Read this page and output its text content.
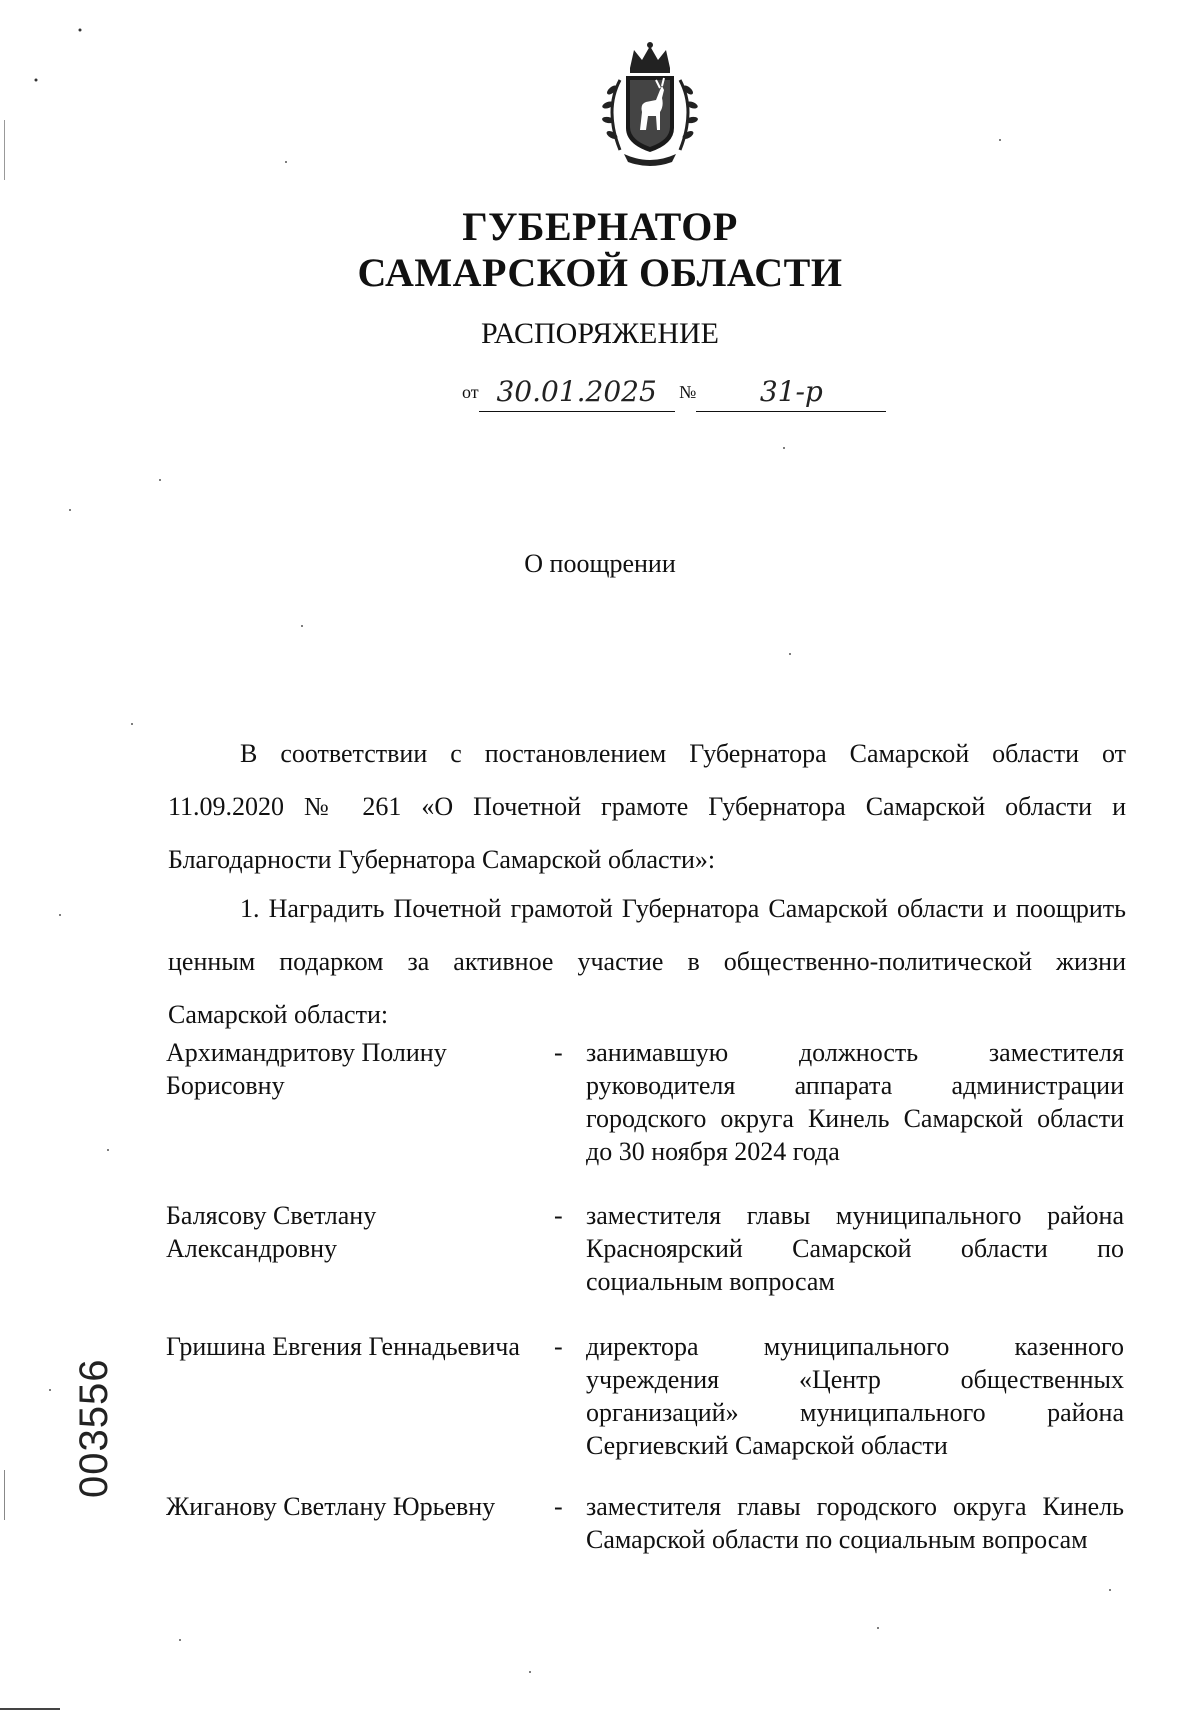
ГУБЕРНАТОР
САМАРСКОЙ ОБЛАСТИ
РАСПОРЯЖЕНИЕ
от 30.01.2025 № 31-р
О поощрении
В соответствии с постановлением Губернатора Самарской области от 11.09.2020 № 261 «О Почетной грамоте Губернатора Самарской области и Благодарности Губернатора Самарской области»:
1. Наградить Почетной грамотой Губернатора Самарской области и поощрить ценным подарком за активное участие в общественно-политической жизни Самарской области:
Архимандритову Полину Борисовну
- занимавшую должность заместителя руководителя аппарата администрации городского округа Кинель Самарской области до 30 ноября 2024 года
Балясову Светлану Александровну
- заместителя главы муниципального района Красноярский Самарской области по социальным вопросам
Гришина Евгения Геннадьевича - директора муниципального казенного учреждения «Центр общественных организаций» муниципального района Сергиевский Самарской области
Жиганову Светлану Юрьевну	- заместителя главы городского округа Кинель Самарской области по социальным вопросам
003556
